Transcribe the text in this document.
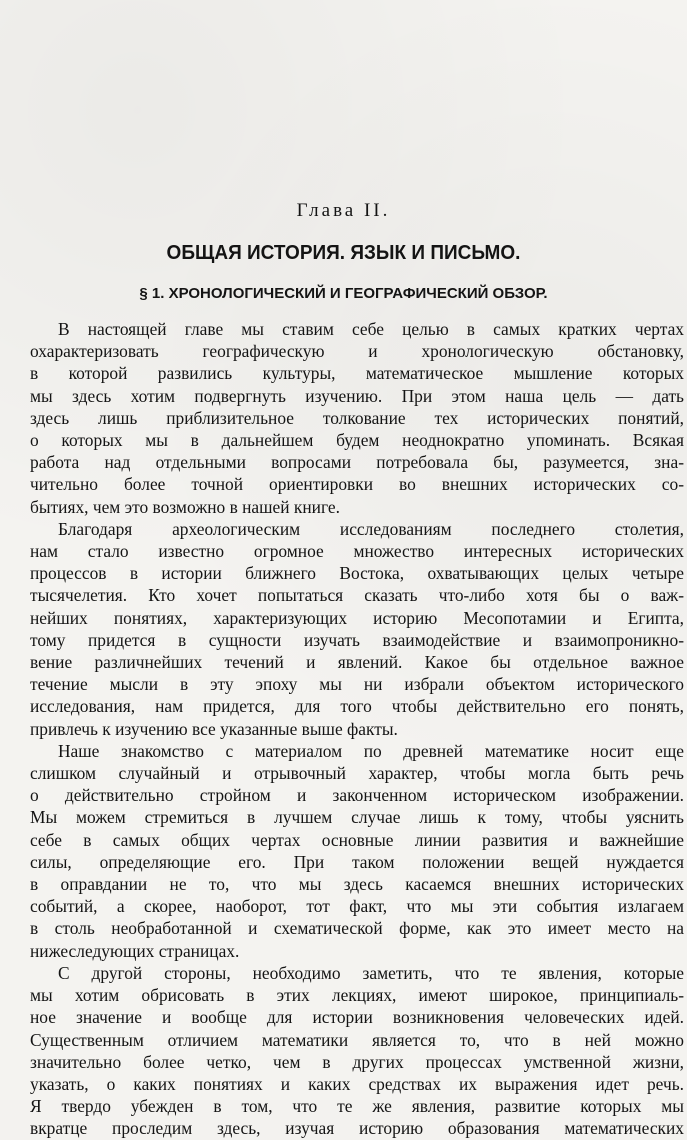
Глава II.
ОБЩАЯ ИСТОРИЯ. ЯЗЫК И ПИСЬМО.
§ 1. ХРОНОЛОГИЧЕСКИЙ И ГЕОГРАФИЧЕСКИЙ ОБЗОР.
В настоящей главе мы ставим себе целью в самых кратких чертах
охарактеризовать географическую и хронологическую обстановку,
в которой развились культуры, математическое мышление которых
мы здесь хотим подвергнуть изучению. При этом наша цель — дать
здесь лишь приблизительное толкование тех исторических понятий,
о которых мы в дальнейшем будем неоднократно упоминать. Всякая
работа над отдельными вопросами потребовала бы, разумеется, зна-
чительно более точной ориентировки во внешних исторических со-
бытиях, чем это возможно в нашей книге.
Благодаря археологическим исследованиям последнего столетия,
нам стало известно огромное множество интересных исторических
процессов в истории ближнего Востока, охватывающих целых четыре
тысячелетия. Кто хочет попытаться сказать что-либо хотя бы о важ-
нейших понятиях, характеризующих историю Месопотамии и Египта,
тому придется в сущности изучать взаимодействие и взаимопроникно-
вение различнейших течений и явлений. Какое бы отдельное важное
течение мысли в эту эпоху мы ни избрали объектом исторического
исследования, нам придется, для того чтобы действительно его понять,
привлечь к изучению все указанные выше факты.
Наше знакомство с материалом по древней математике носит еще
слишком случайный и отрывочный характер, чтобы могла быть речь
о действительно стройном и законченном историческом изображении.
Мы можем стремиться в лучшем случае лишь к тому, чтобы уяснить
себе в самых общих чертах основные линии развития и важнейшие
силы, определяющие его. При таком положении вещей нуждается
в оправдании не то, что мы здесь касаемся внешних исторических
событий, а скорее, наоборот, тот факт, что мы эти события излагаем
в столь необработанной и схематической форме, как это имеет место на
нижеследующих страницах.
С другой стороны, необходимо заметить, что те явления, которые
мы хотим обрисовать в этих лекциях, имеют широкое, принципиаль-
ное значение и вообще для истории возникновения человеческих идей.
Существенным отличием математики является то, что в ней можно
значительно более четко, чем в других процессах умственной жизни,
указать, о каких понятиях и каких средствах их выражения идет речь.
Я твердо убежден в том, что те же явления, развитие которых мы
вкратце проследим здесь, изучая историю образования математических
